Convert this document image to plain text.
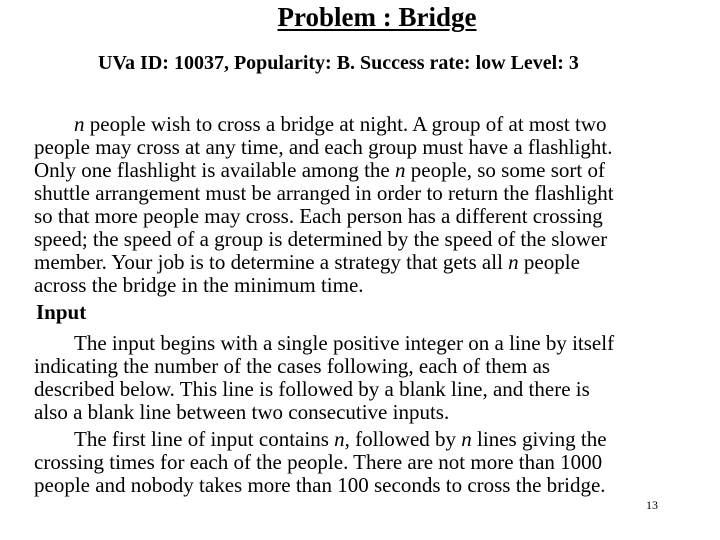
Problem : Bridge
UVa ID: 10037, Popularity: B. Success rate: low Level: 3
n people wish to cross a bridge at night. A group of at most two
people may cross at any time, and each group must have a flashlight.
Only one flashlight is available among the n people, so some sort of
shuttle arrangement must be arranged in order to return the flashlight
so that more people may cross. Each person has a different crossing
speed; the speed of a group is determined by the speed of the slower
member. Your job is to determine a strategy that gets all n people
across the bridge in the minimum time.
Input
The input begins with a single positive integer on a line by itself
indicating the number of the cases following, each of them as
described below. This line is followed by a blank line, and there is
also a blank line between two consecutive inputs.
The first line of input contains n, followed by n lines giving the
crossing times for each of the people. There are not more than 1000
people and nobody takes more than 100 seconds to cross the bridge.
13
